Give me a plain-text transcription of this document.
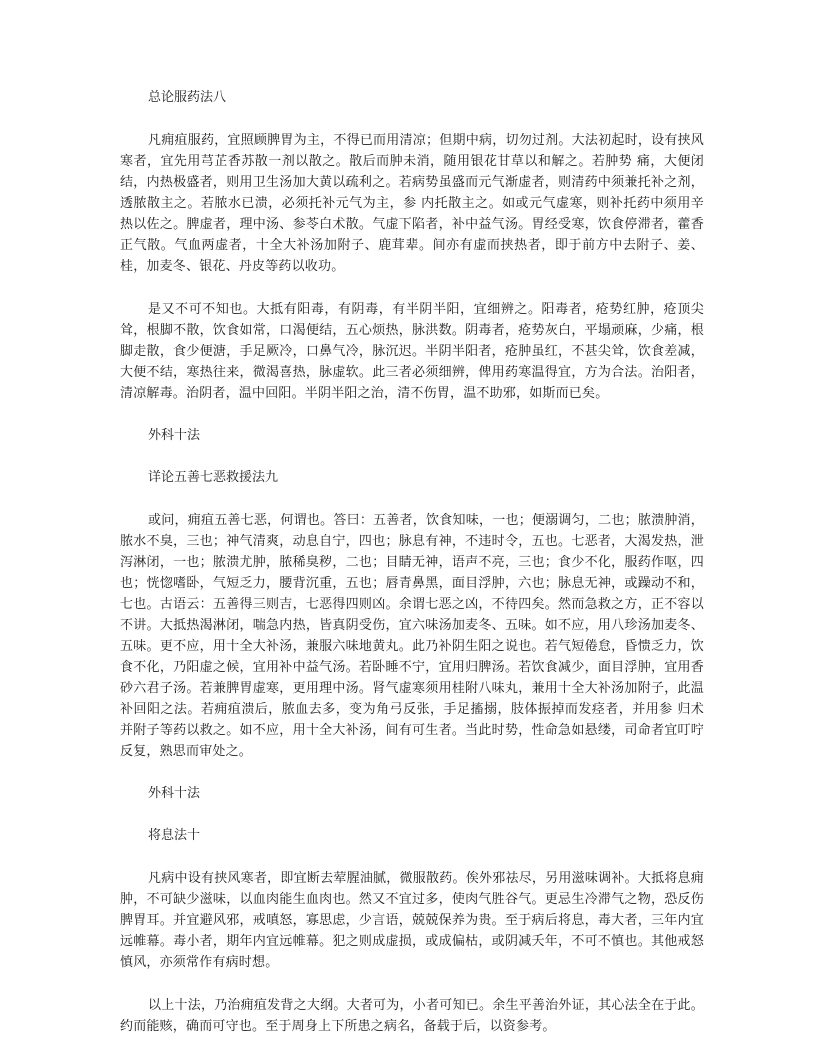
总论服药法八

凡痈疽服药，宜照顾脾胃为主，不得已而用清凉；但期中病，切勿过剂。大法初起时，设有挟风寒者，宜先用芎芷香苏散一剂以散之。散后而肿未消，随用银花甘草以和解之。若肿势 痛，大便闭结，内热极盛者，则用卫生汤加大黄以疏利之。若病势虽盛而元气渐虚者，则清药中须兼托补之剂，透脓散主之。若脓水已溃，必须托补元气为主，参 内托散主之。如或元气虚寒，则补托药中须用辛热以佐之。脾虚者，理中汤、参苓白术散。气虚下陷者，补中益气汤。胃经受寒，饮食停滞者，藿香正气散。气血两虚者，十全大补汤加附子、鹿茸辈。间亦有虚而挟热者，即于前方中去附子、姜、桂，加麦冬、银花、丹皮等药以收功。

是又不可不知也。大抵有阳毒，有阴毒，有半阴半阳，宜细辨之。阳毒者，疮势红肿，疮顶尖耸，根脚不散，饮食如常，口渴便结，五心烦热，脉洪数。阴毒者，疮势灰白，平塌顽麻，少痛，根脚走散，食少便溏，手足厥冷，口鼻气冷，脉沉迟。半阴半阳者，疮肿虽红，不甚尖耸，饮食差减，大便不结，寒热往来，微渴喜热，脉虚软。此三者必须细辨，俾用药寒温得宜，方为合法。治阳者，清凉解毒。治阴者，温中回阳。半阴半阳之治，清不伤胃，温不助邪，如斯而已矣。

外科十法
详论五善七恶救援法九

或问，痈疽五善七恶，何谓也。答曰：五善者，饮食知味，一也；便溺调匀，二也；脓溃肿消，脓水不臭，三也；神气清爽，动息自宁，四也；脉息有神，不违时令，五也。七恶者，大渴发热，泄泻淋闭，一也；脓溃尤肿，脓稀臭秽，二也；目睛无神，语声不亮，三也；食少不化，服药作呕，四也；恍惚嗜卧，气短乏力，腰背沉重，五也；唇青鼻黑，面目浮肿，六也；脉息无神，或躁动不和，七也。古语云：五善得三则吉，七恶得四则凶。余谓七恶之凶，不待四矣。然而急救之方，正不容以不讲。大抵热渴淋闭，喘急内热，皆真阴受伤，宜六味汤加麦冬、五味。如不应，用八珍汤加麦冬、五味。更不应，用十全大补汤，兼服六味地黄丸。此乃补阴生阳之说也。若气短倦怠，昏愦乏力，饮食不化，乃阳虚之候，宜用补中益气汤。若卧睡不宁，宜用归脾汤。若饮食减少，面目浮肿，宜用香砂六君子汤。若兼脾胃虚寒，更用理中汤。肾气虚寒须用桂附八味丸，兼用十全大补汤加附子，此温补回阳之法。若痈疽溃后，脓血去多，变为角弓反张，手足搐搦，肢体振掉而发痉者，并用参 归术并附子等药以救之。如不应，用十全大补汤，间有可生者。当此时势，性命急如悬缕，司命者宜叮咛反复，熟思而审处之。

外科十法
将息法十

凡病中设有挟风寒者，即宜断去荤腥油腻，微服散药。俟外邪祛尽，另用滋味调补。大抵将息痈肿，不可缺少滋味，以血肉能生血肉也。然又不宜过多，使肉气胜谷气。更忌生冷滞气之物，恐反伤脾胃耳。并宜避风邪，戒嗔怒，寡思虑，少言语，兢兢保养为贵。至于病后将息，毒大者，三年内宜远帷幕。毒小者，期年内宜远帷幕。犯之则成虚损，或成偏枯，或阴减夭年，不可不慎也。其他戒怒慎风，亦须常作有病时想。

以上十法，乃治痈疽发背之大纲。大者可为，小者可知已。余生平善治外证，其心法全在于此。约而能赅，确而可守也。至于周身上下所患之病名，备载于后，以资参考。
